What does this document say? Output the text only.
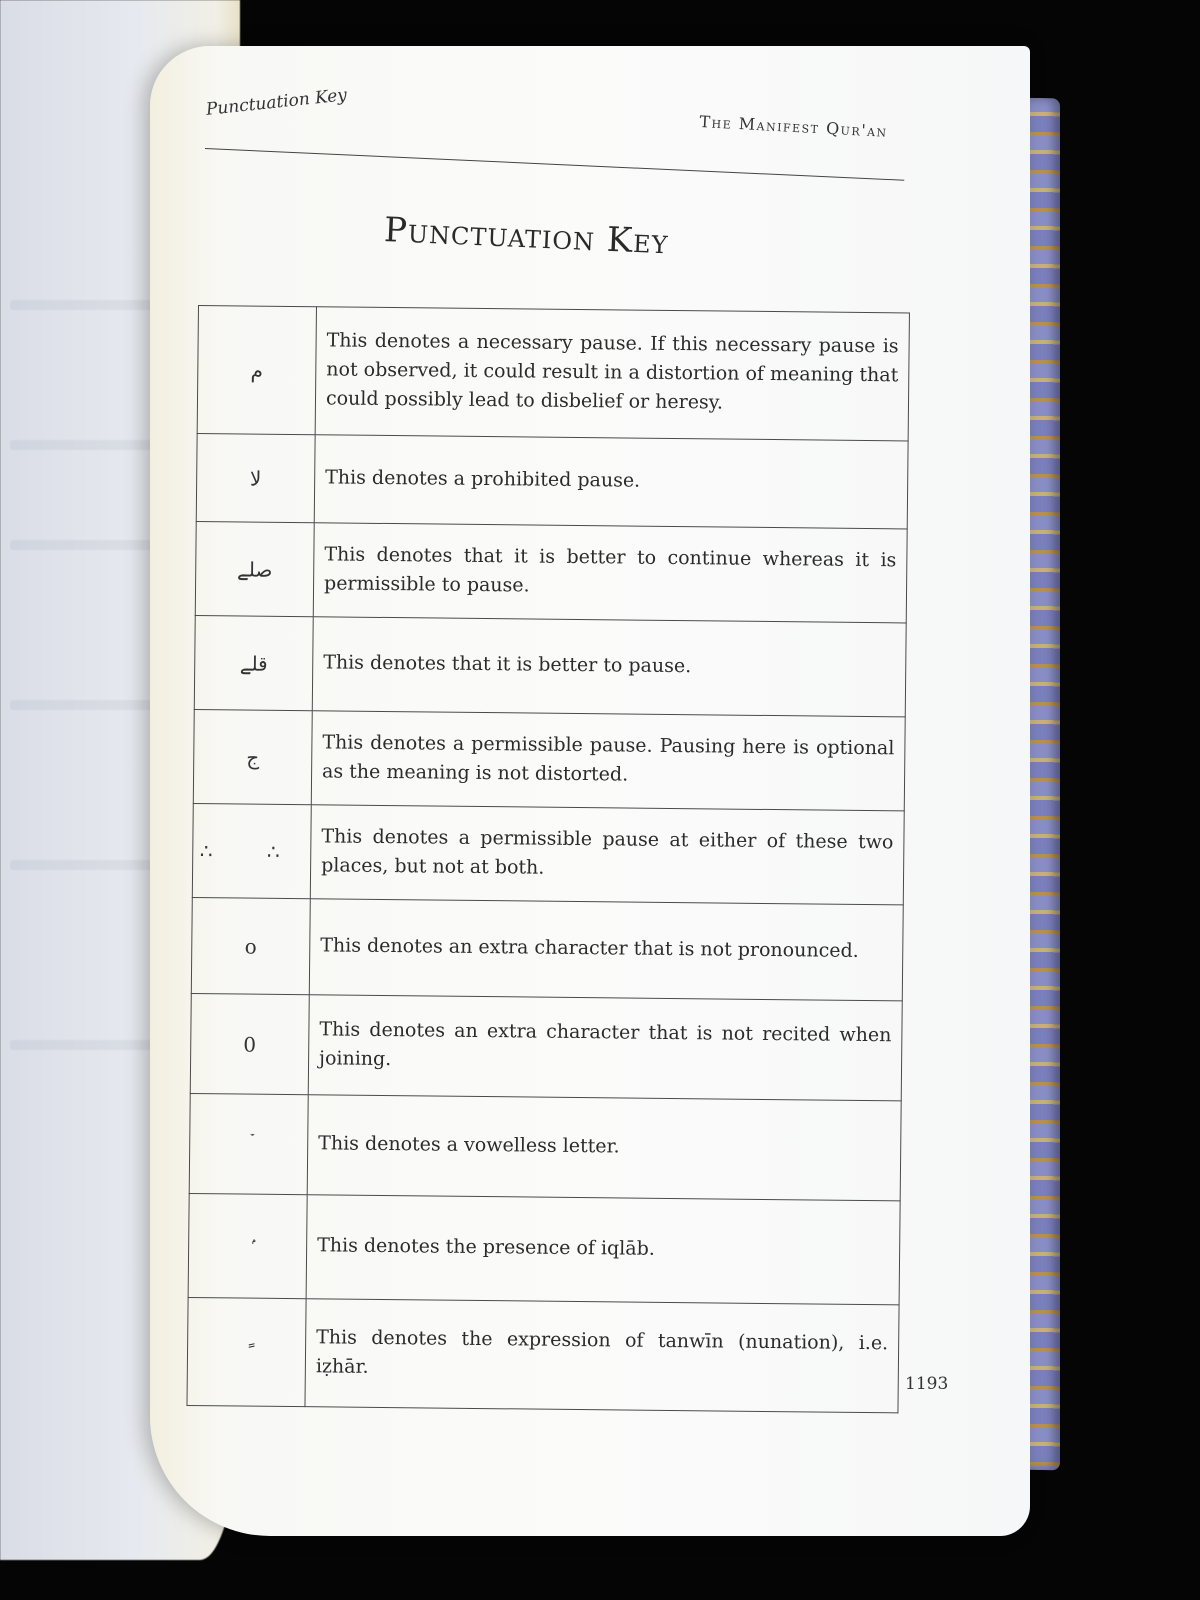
Punctuation Key
The Manifest Qur'an
Punctuation Key
م	This denotes a necessary pause. If this necessary pause is not observed, it could result in a distortion of meaning that could possibly lead to disbelief or heresy.
لا	This denotes a prohibited pause.
صلے	This denotes that it is better to continue whereas it is permissible to pause.
قلے	This denotes that it is better to pause.
ج	This denotes a permissible pause. Pausing here is optional as the meaning is not distorted.
∴ ∴	This denotes a permissible pause at either of these two places, but not at both.
o	This denotes an extra character that is not pronounced.
0	This denotes an extra character that is not recited when joining.
ۡ	This denotes a vowelless letter.
ۢ	This denotes the presence of iqlāb.
ً	This denotes the expression of tanwīn (nunation), i.e. iẓhār.
1193
